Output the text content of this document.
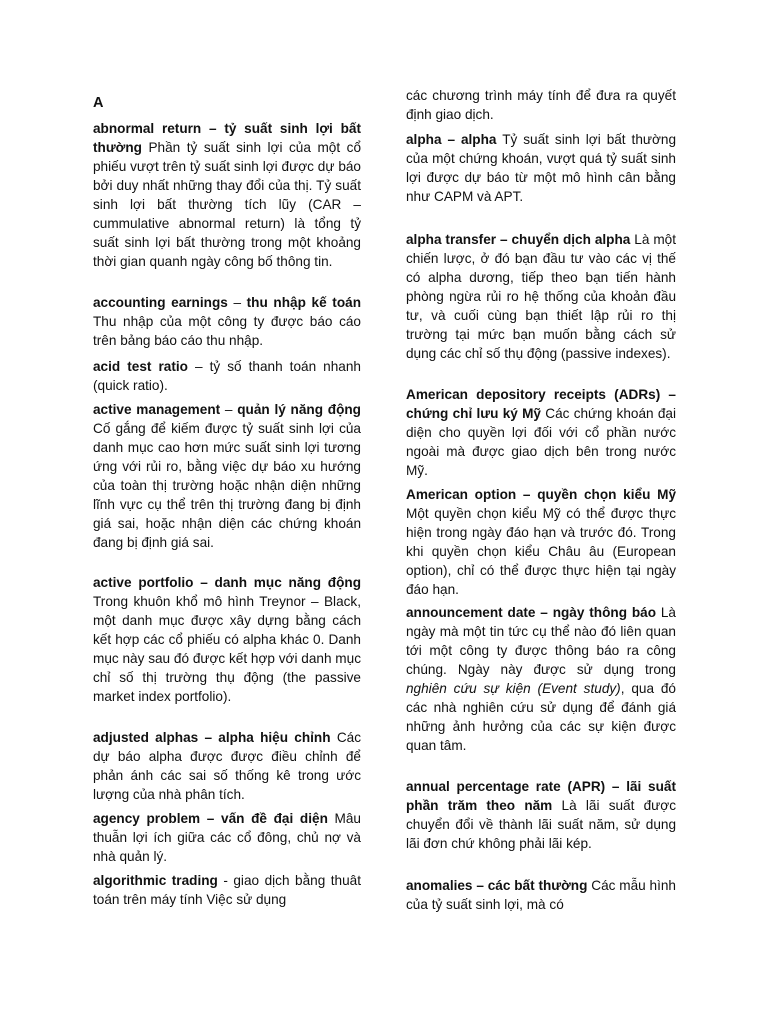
A

abnormal return – tỷ suất sinh lợi bất thường Phần tỷ suất sinh lợi của một cổ phiếu vượt trên tỷ suất sinh lợi được dự báo bởi duy nhất những thay đổi của thị. Tỷ suất sinh lợi bất thường tích lũy (CAR – cummulative abnormal return) là tổng tỷ suất sinh lợi bất thường trong một khoảng thời gian quanh ngày công bố thông tin.

accounting earnings – thu nhập kế toán Thu nhập của một công ty được báo cáo trên bảng báo cáo thu nhập.

acid test ratio – tỷ số thanh toán nhanh (quick ratio).

active management – quản lý năng động Cố gắng để kiếm được tỷ suất sinh lợi của danh mục cao hơn mức suất sinh lợi tương ứng với rủi ro, bằng việc dự báo xu hướng của toàn thị trường hoặc nhận diện những lĩnh vực cụ thể trên thị trường đang bị định giá sai, hoặc nhận diện các chứng khoán đang bị định giá sai.

active portfolio – danh mục năng động Trong khuôn khổ mô hình Treynor – Black, một danh mục được xây dựng bằng cách kết hợp các cổ phiếu có alpha khác 0. Danh mục này sau đó được kết hợp với danh mục chỉ số thị trường thụ động (the passive market index portfolio).

adjusted alphas – alpha hiệu chỉnh Các dự báo alpha được được điều chỉnh để phản ánh các sai số thống kê trong ước lượng của nhà phân tích.

agency problem – vấn đề đại diện Mâu thuẫn lợi ích giữa các cổ đông, chủ nợ và nhà quản lý.

algorithmic trading - giao dịch bằng thuât toán trên máy tính Việc sử dụng

các chương trình máy tính để đưa ra quyết định giao dịch.

alpha – alpha Tỷ suất sinh lợi bất thường của một chứng khoán, vượt quá tỷ suất sinh lợi được dự báo từ một mô hình cân bằng như CAPM và APT.

alpha transfer – chuyển dịch alpha Là một chiến lược, ở đó bạn đầu tư vào các vị thế có alpha dương, tiếp theo bạn tiến hành phòng ngừa rủi ro hệ thống của khoản đầu tư, và cuối cùng bạn thiết lập rủi ro thị trường tại mức bạn muốn bằng cách sử dụng các chỉ số thụ động (passive indexes).

American depository receipts (ADRs) – chứng chỉ lưu ký Mỹ Các chứng khoán đại diện cho quyền lợi đối với cổ phần nước ngoài mà được giao dịch bên trong nước Mỹ.

American option – quyền chọn kiểu Mỹ Một quyền chọn kiểu Mỹ có thể được thực hiện trong ngày đáo hạn và trước đó. Trong khi quyền chọn kiểu Châu âu (European option), chỉ có thể được thực hiện tại ngày đáo hạn.

announcement date – ngày thông báo Là ngày mà một tin tức cụ thể nào đó liên quan tới một công ty được thông báo ra công chúng. Ngày này được sử dụng trong nghiên cứu sự kiện (Event study), qua đó các nhà nghiên cứu sử dụng để đánh giá những ảnh hưởng của các sự kiện được quan tâm.

annual percentage rate (APR) – lãi suất phần trăm theo năm Là lãi suất được chuyển đổi về thành lãi suất năm, sử dụng lãi đơn chứ không phải lãi kép.

anomalies – các bất thường Các mẫu hình của tỷ suất sinh lợi, mà có
